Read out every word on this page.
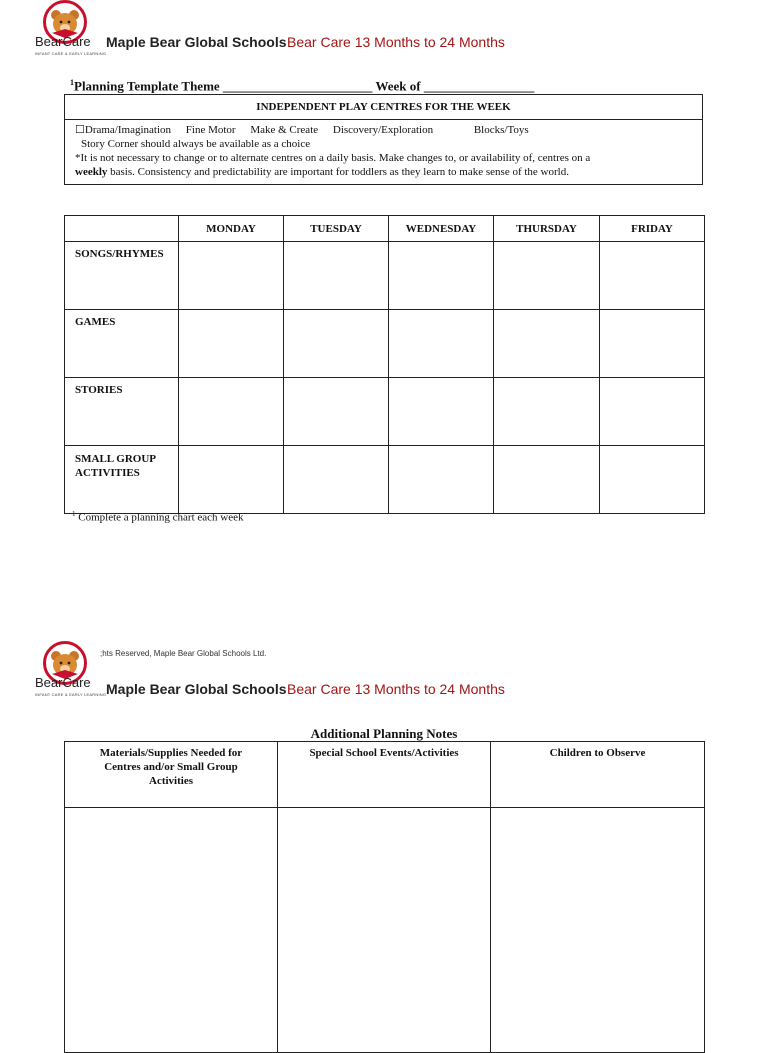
BearCare
INFANT CARE & EARLY LEARNING
Maple Bear Global Schools Bear Care 13 Months to 24 Months
$^1$Planning Template Theme _______________________ Week of _________________
INDEPENDENT PLAY CENTRES FOR THE WEEK
☐Drama/Imagination Fine Motor Make & Create Discovery/Exploration	Blocks/Toys
Story Corner should always be available as a choice
*It is not necessary to change or to alternate centres on a daily basis. Make changes to, or availability of, centres on a
weekly basis. Consistency and predictability are important for toddlers as they learn to make sense of the world.
	MONDAY	TUESDAY	WEDNESDAY	THURSDAY	FRIDAY
SONGS/RHYMES					
GAMES					
STORIES					
SMALL GROUP ACTIVITIES					
$^1$ Complete a planning chart each week
BearCare
INFANT CARE & EARLY LEARNING
;hts Reserved, Maple Bear Global Schools Ltd.
Maple Bear Global Schools Bear Care 13 Months to 24 Months
Additional Planning Notes
Materials/Supplies Needed for Centres and/or Small Group Activities	Special School Events/Activities	Children to Observe
